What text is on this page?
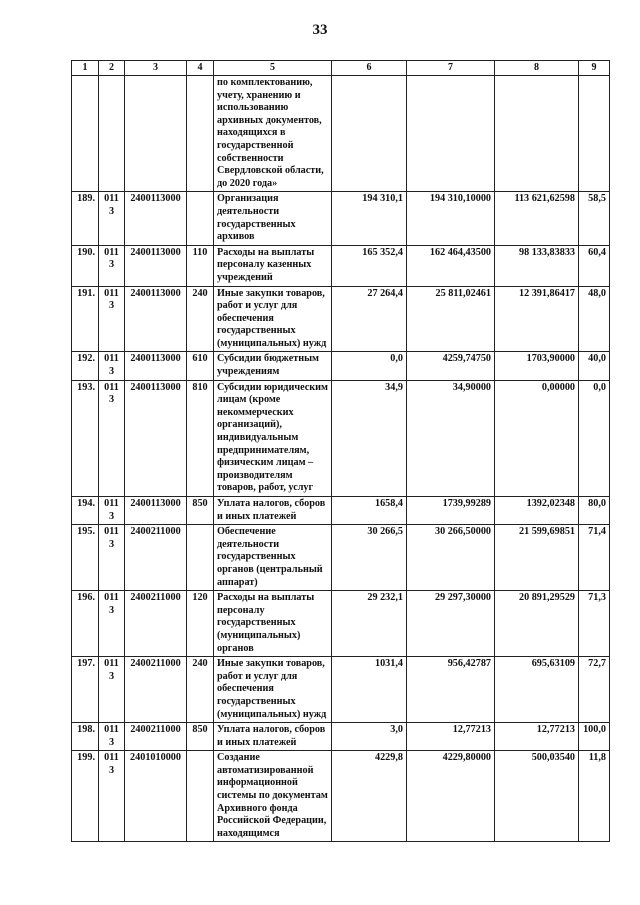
33
1	2	3	4	5	6	7	8	9
				по комплектованию, учету, хранению и использованию архивных документов, находящихся в государственной собственности Свердловской области, до 2020 года»				
189.	0113	2400113000		Организация деятельности государственных архивов	194 310,1	194 310,10000	113 621,62598	58,5
190.	0113	2400113000	110	Расходы на выплаты персоналу казенных учреждений	165 352,4	162 464,43500	98 133,83833	60,4
191.	0113	2400113000	240	Иные закупки товаров, работ и услуг для обеспечения государственных (муниципальных) нужд	27 264,4	25 811,02461	12 391,86417	48,0
192.	0113	2400113000	610	Субсидии бюджетным учреждениям	0,0	4259,74750	1703,90000	40,0
193.	0113	2400113000	810	Субсидии юридическим лицам (кроме некоммерческих организаций), индивидуальным предпринимателям, физическим лицам – производителям товаров, работ, услуг	34,9	34,90000	0,00000	0,0
194.	0113	2400113000	850	Уплата налогов, сборов и иных платежей	1658,4	1739,99289	1392,02348	80,0
195.	0113	2400211000		Обеспечение деятельности государственных органов (центральный аппарат)	30 266,5	30 266,50000	21 599,69851	71,4
196.	0113	2400211000	120	Расходы на выплаты персоналу государственных (муниципальных) органов	29 232,1	29 297,30000	20 891,29529	71,3
197.	0113	2400211000	240	Иные закупки товаров, работ и услуг для обеспечения государственных (муниципальных) нужд	1031,4	956,42787	695,63109	72,7
198.	0113	2400211000	850	Уплата налогов, сборов и иных платежей	3,0	12,77213	12,77213	100,0
199.	0113	2401010000		Создание автоматизированной информационной системы по документам Архивного фонда Российской Федерации, находящимся	4229,8	4229,80000	500,03540	11,8
